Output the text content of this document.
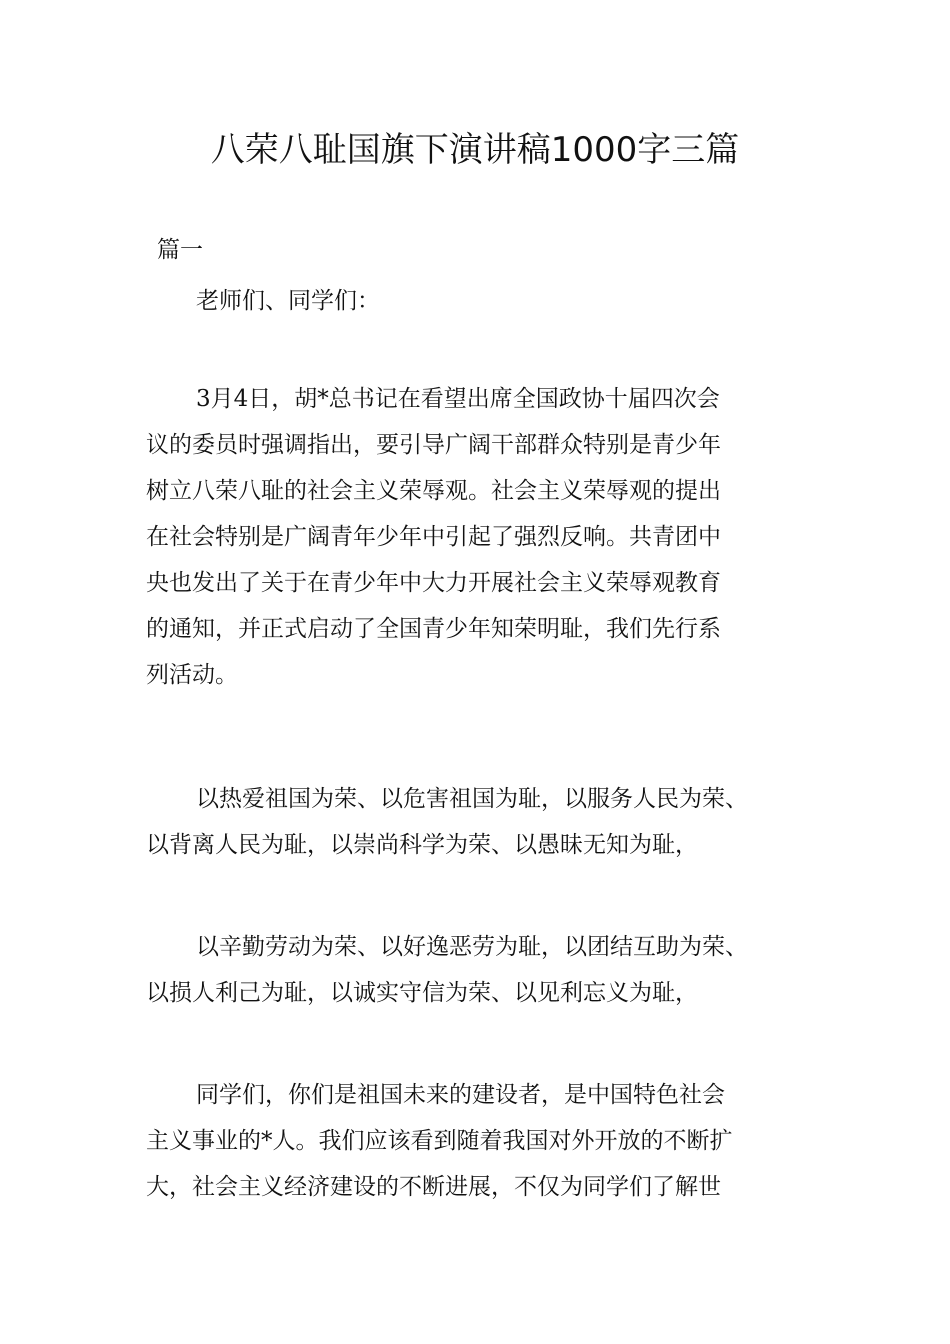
八荣八耻国旗下演讲稿1000字三篇

篇一

老师们、同学们：

3月4日，胡*总书记在看望出席全国政协十届四次会
议的委员时强调指出，要引导广阔干部群众特别是青少年
树立八荣八耻的社会主义荣辱观。社会主义荣辱观的提出
在社会特别是广阔青年少年中引起了强烈反响。共青团中
央也发出了关于在青少年中大力开展社会主义荣辱观教育
的通知，并正式启动了全国青少年知荣明耻，我们先行系
列活动。
以热爱祖国为荣、以危害祖国为耻，以服务人民为荣、
以背离人民为耻，以崇尚科学为荣、以愚昧无知为耻，
以辛勤劳动为荣、以好逸恶劳为耻，以团结互助为荣、
以损人利己为耻，以诚实守信为荣、以见利忘义为耻，
同学们，你们是祖国未来的建设者，是中国特色社会
主义事业的*人。我们应该看到随着我国对外开放的不断扩
大，社会主义经济建设的不断进展，不仅为同学们了解世
